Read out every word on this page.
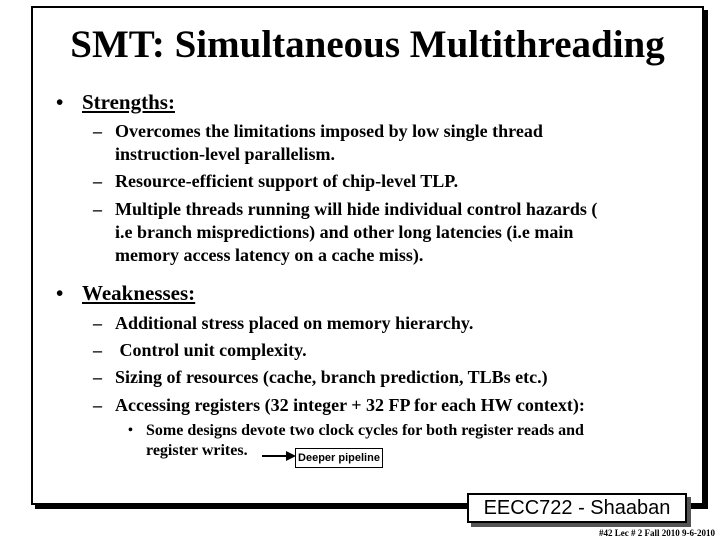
SMT: Simultaneous Multithreading
• Strengths:
– Overcomes the limitations imposed by low single thread
instruction-level parallelism.
– Resource-efficient support of chip-level TLP.
– Multiple threads running will hide individual control hazards (
i.e branch mispredictions) and other long latencies (i.e main
memory access latency on a cache miss).
• Weaknesses:
– Additional stress placed on memory hierarchy.
– Control unit complexity.
– Sizing of resources (cache, branch prediction, TLBs etc.)
– Accessing registers (32 integer + 32 FP for each HW context):
• Some designs devote two clock cycles for both register reads and
register writes.	Deeper pipeline
EECC722 - Shaaban
#42 Lec # 2 Fall 2010 9-6-2010
